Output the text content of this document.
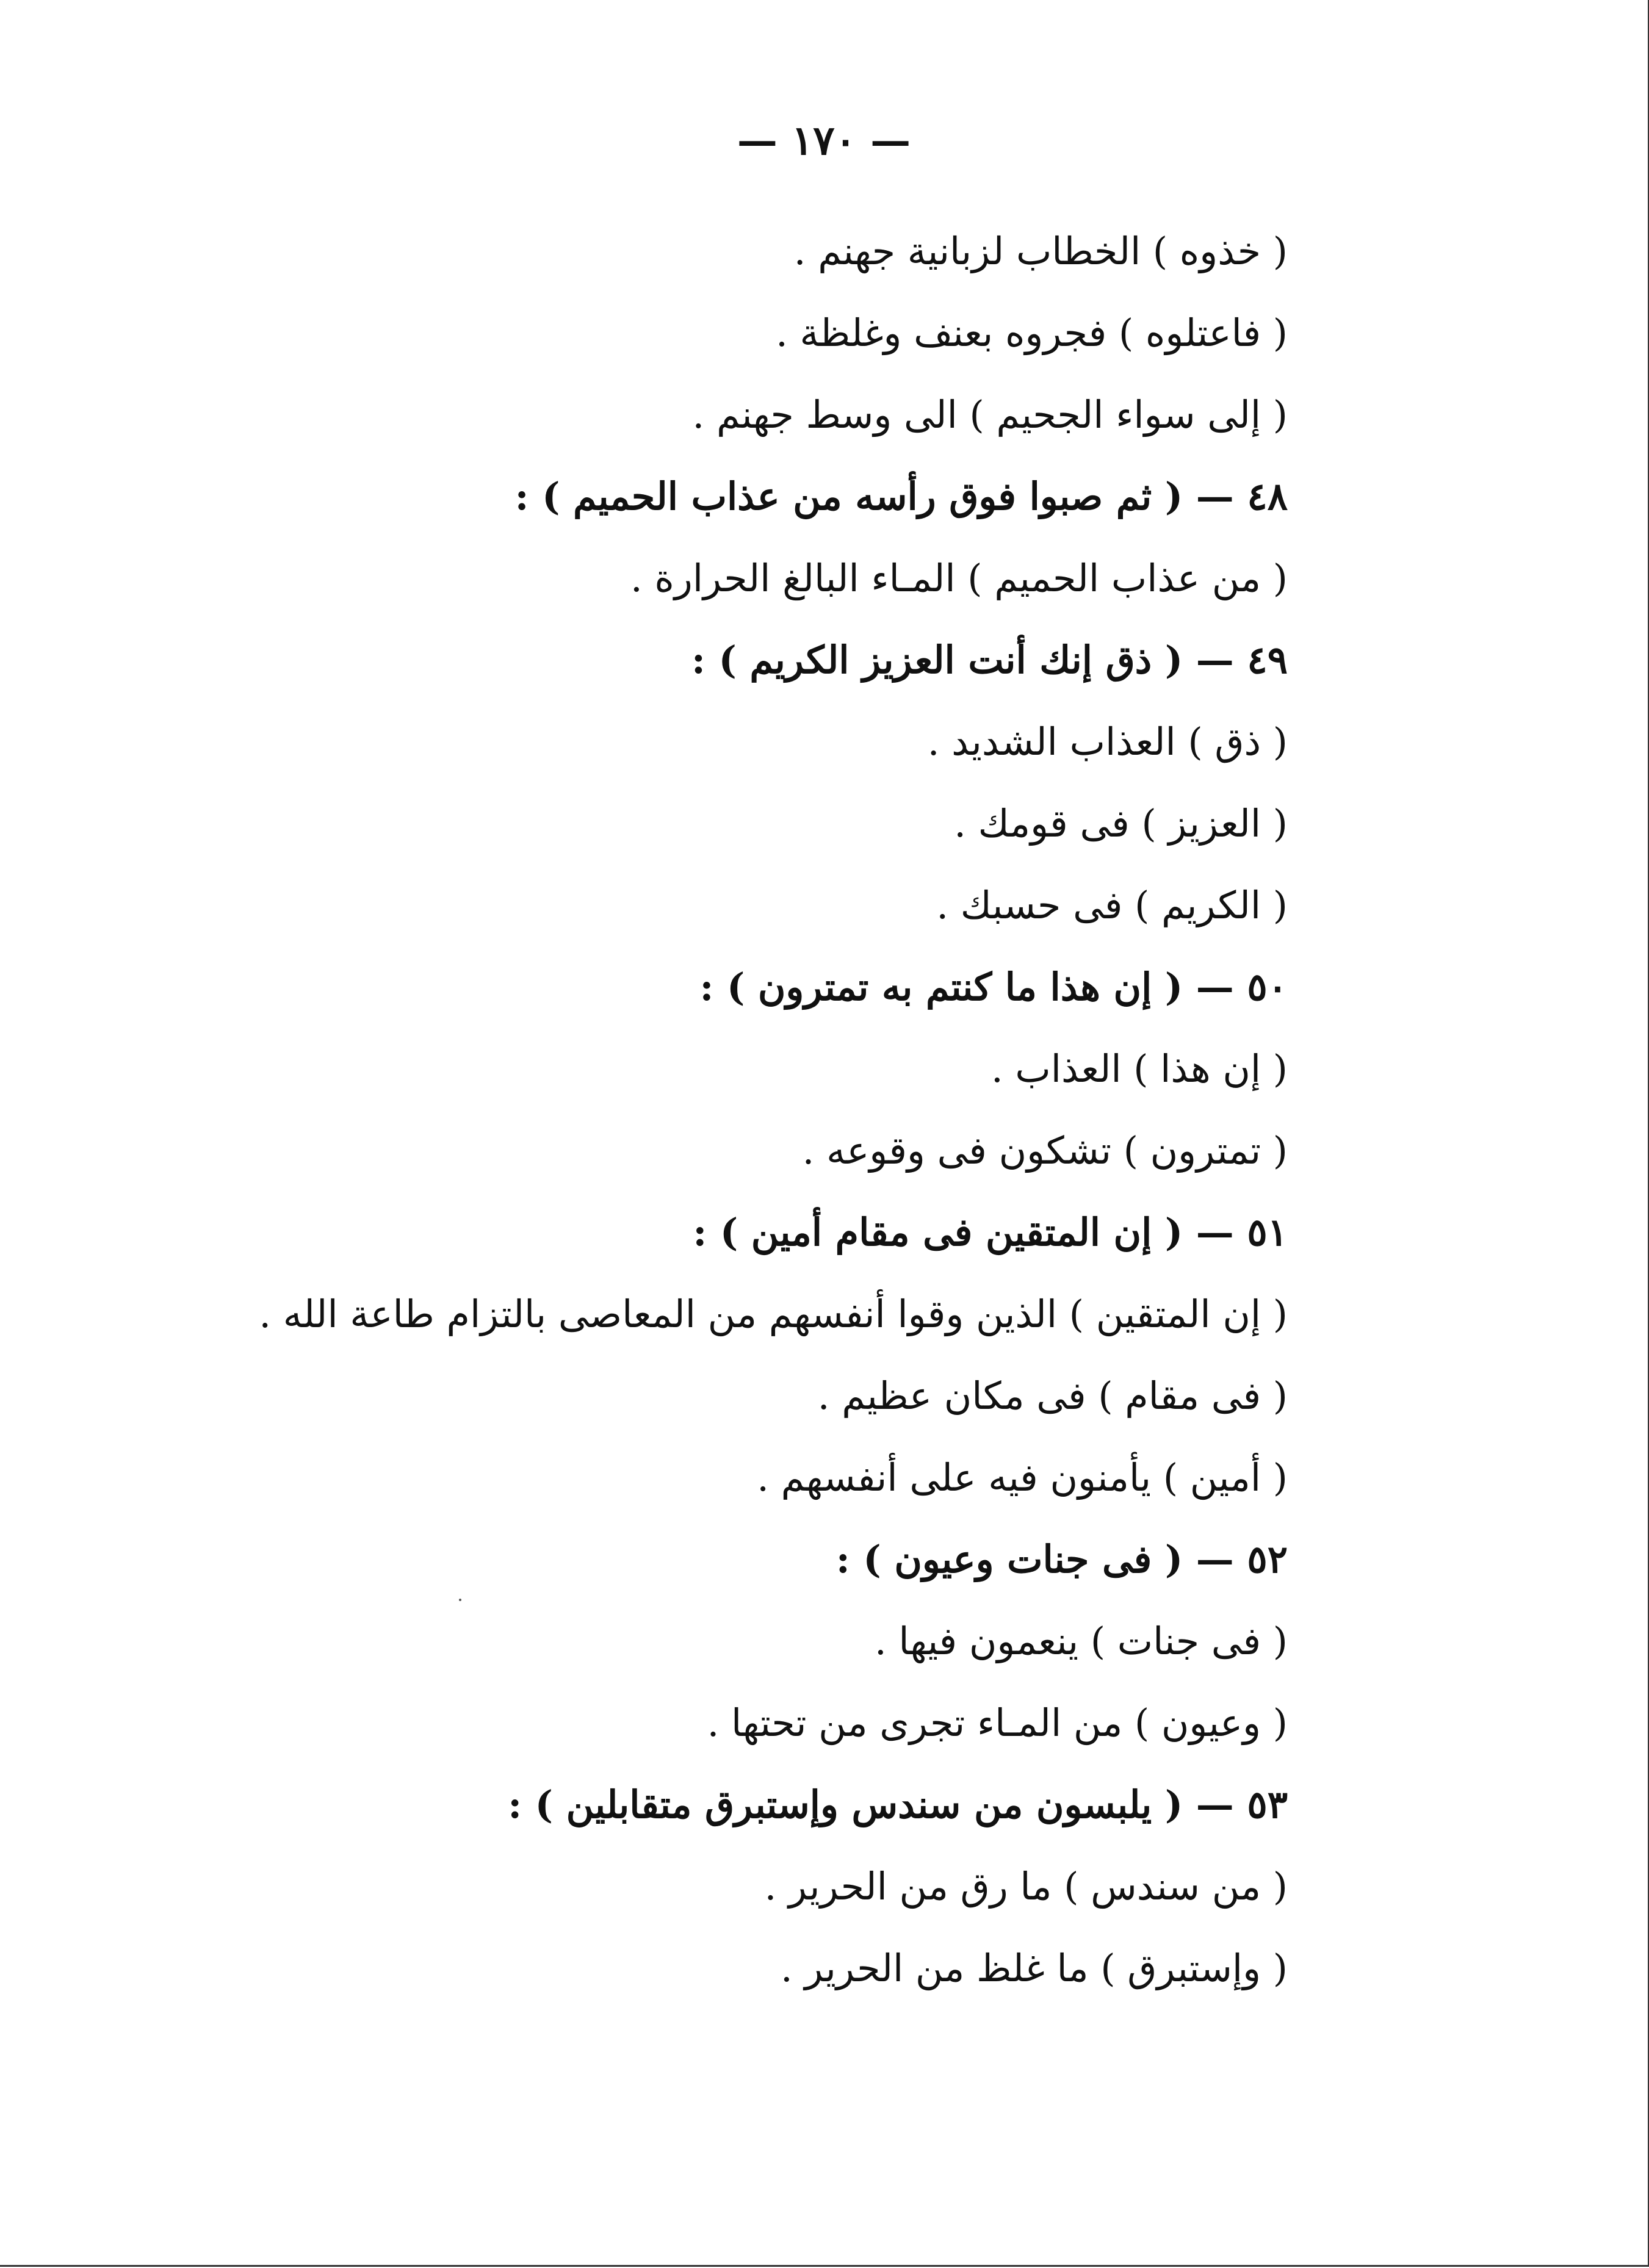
— ١٧٠ —
( خذوه ) الخطاب لزبانية جهنم .
( فاعتلوه ) فجروه بعنف وغلظة .
( إلى سواء الجحيم ) الى وسط جهنم .
٤٨ — ( ثم صبوا فوق رأسه من عذاب الحميم ) :
( من عذاب الحميم ) المـاء البالغ الحرارة .
٤٩ — ( ذق إنك أنت العزيز الكريم ) :
( ذق ) العذاب الشديد .
( العزيز ) فى قومك .
( الكريم ) فى حسبك .
٥٠ — ( إن هذا ما كنتم به تمترون ) :
( إن هذا ) العذاب .
( تمترون ) تشكون فى وقوعه .
٥١ — ( إن المتقين فى مقام أمين ) :
( إن المتقين ) الذين وقوا أنفسهم من المعاصى بالتزام طاعة الله .
( فى مقام ) فى مكان عظيم .
( أمين ) يأمنون فيه على أنفسهم .
٥٢ — ( فى جنات وعيون ) :
( فى جنات ) ينعمون فيها .
( وعيون ) من المـاء تجرى من تحتها .
٥٣ — ( يلبسون من سندس وإستبرق متقابلين ) :
( من سندس ) ما رق من الحرير .
( وإستبرق ) ما غلظ من الحرير .
